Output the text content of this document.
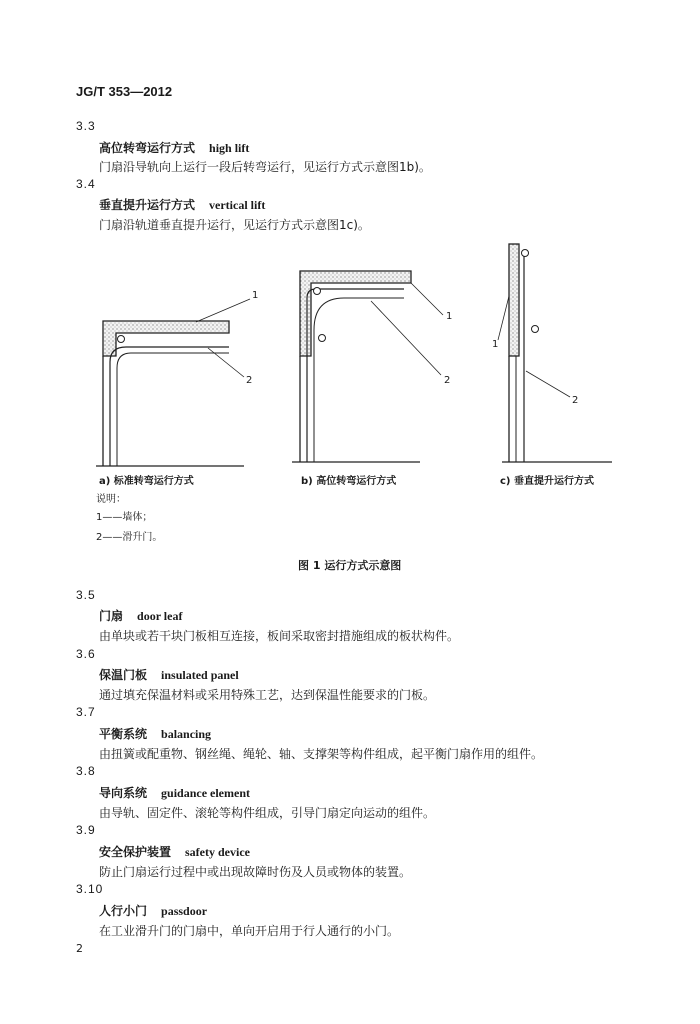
JG/T 353—2012
3.3
高位转弯运行方式 high lift
门扇沿导轨向上运行一段后转弯运行，见运行方式示意图1b)。
3.4
垂直提升运行方式 vertical lift
门扇沿轨道垂直提升运行，见运行方式示意图1c)。
1
2
1
2
1
2
a) 标准转弯运行方式	b) 高位转弯运行方式	c) 垂直提升运行方式
说明：
1——墙体；
2——滑升门。
图 1 运行方式示意图
3.5
门扇 door leaf
由单块或若干块门板相互连接，板间采取密封措施组成的板状构件。
3.6
保温门板 insulated panel
通过填充保温材料或采用特殊工艺，达到保温性能要求的门板。
3.7
平衡系统 balancing
由扭簧或配重物、钢丝绳、绳轮、轴、支撑架等构件组成，起平衡门扇作用的组件。
3.8
导向系统 guidance element
由导轨、固定件、滚轮等构件组成，引导门扇定向运动的组件。
3.9
安全保护装置 safety device
防止门扇运行过程中或出现故障时伤及人员或物体的装置。
3.10
人行小门 passdoor
在工业滑升门的门扇中，单向开启用于行人通行的小门。
2
